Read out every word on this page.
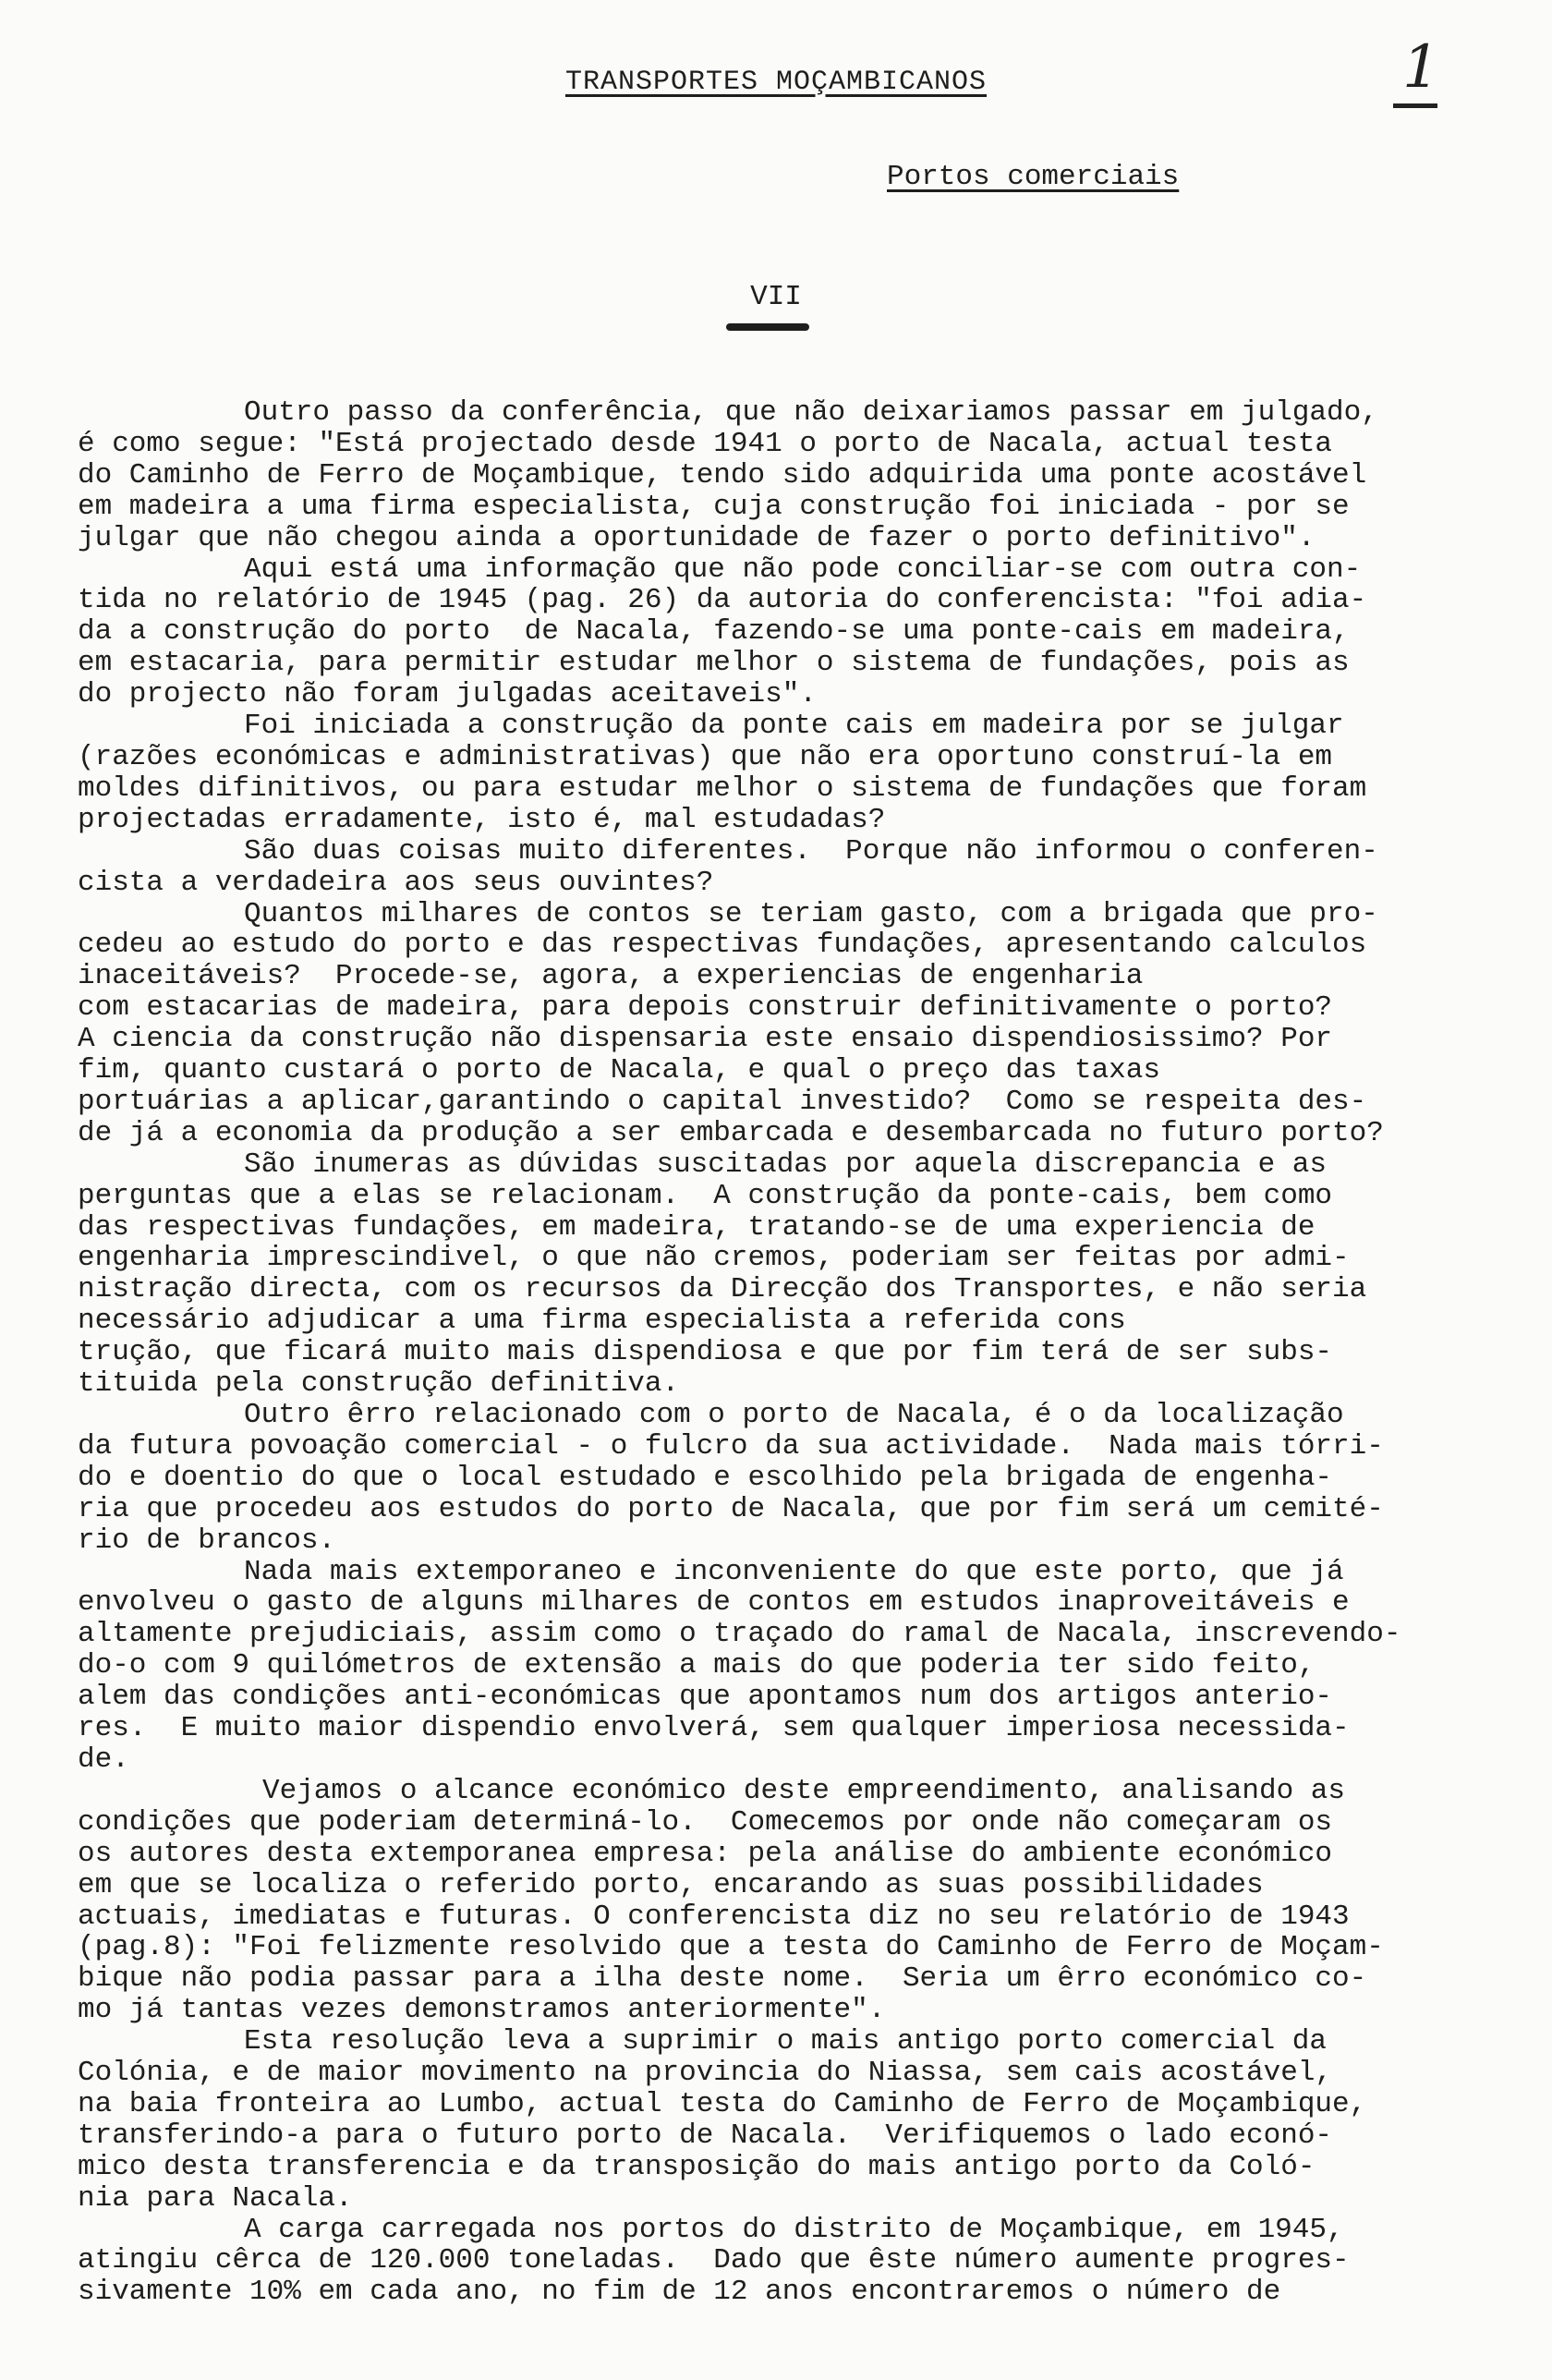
1
TRANSPORTES MOÇAMBICANOS
Portos comerciais
VII
Outro passo da conferência, que não deixariamos passar em julgado,
é como segue: "Está projectado desde 1941 o porto de Nacala, actual testa
do Caminho de Ferro de Moçambique, tendo sido adquirida uma ponte acostável
em madeira a uma firma especialista, cuja construção foi iniciada - por se
julgar que não chegou ainda a oportunidade de fazer o porto definitivo".
Aqui está uma informação que não pode conciliar-se com outra con-
tida no relatório de 1945 (pag. 26) da autoria do conferencista: "foi adia-
da a construção do porto  de Nacala, fazendo-se uma ponte-cais em madeira,
em estacaria, para permitir estudar melhor o sistema de fundações, pois as
do projecto não foram julgadas aceitaveis".
Foi iniciada a construção da ponte cais em madeira por se julgar
(razões económicas e administrativas) que não era oportuno construí-la em
moldes difinitivos, ou para estudar melhor o sistema de fundações que foram
projectadas erradamente, isto é, mal estudadas?
São duas coisas muito diferentes.  Porque não informou o conferen-
cista a verdadeira aos seus ouvintes?
Quantos milhares de contos se teriam gasto, com a brigada que pro-
cedeu ao estudo do porto e das respectivas fundações, apresentando calculos
inaceitáveis?  Procede-se, agora, a experiencias de engenharia
com estacarias de madeira, para depois construir definitivamente o porto?
A ciencia da construção não dispensaria este ensaio dispendiosissimo? Por
fim, quanto custará o porto de Nacala, e qual o preço das taxas
portuárias a aplicar,garantindo o capital investido?  Como se respeita des-
de já a economia da produção a ser embarcada e desembarcada no futuro porto?
São inumeras as dúvidas suscitadas por aquela discrepancia e as
perguntas que a elas se relacionam.  A construção da ponte-cais, bem como
das respectivas fundações, em madeira, tratando-se de uma experiencia de
engenharia imprescindivel, o que não cremos, poderiam ser feitas por admi-
nistração directa, com os recursos da Direcção dos Transportes, e não seria
necessário adjudicar a uma firma especialista a referida cons
trução, que ficará muito mais dispendiosa e que por fim terá de ser subs-
tituida pela construção definitiva.
Outro êrro relacionado com o porto de Nacala, é o da localização
da futura povoação comercial - o fulcro da sua actividade.  Nada mais tórri-
do e doentio do que o local estudado e escolhido pela brigada de engenha-
ria que procedeu aos estudos do porto de Nacala, que por fim será um cemité-
rio de brancos.
Nada mais extemporaneo e inconveniente do que este porto, que já
envolveu o gasto de alguns milhares de contos em estudos inaproveitáveis e
altamente prejudiciais, assim como o traçado do ramal de Nacala, inscrevendo-
do-o com 9 quilómetros de extensão a mais do que poderia ter sido feito,
alem das condições anti-económicas que apontamos num dos artigos anterio-
res.  E muito maior dispendio envolverá, sem qualquer imperiosa necessida-
de.
Vejamos o alcance económico deste empreendimento, analisando as
condições que poderiam determiná-lo.  Comecemos por onde não começaram os
os autores desta extemporanea empresa: pela análise do ambiente económico
em que se localiza o referido porto, encarando as suas possibilidades
actuais, imediatas e futuras. O conferencista diz no seu relatório de 1943
(pag.8): "Foi felizmente resolvido que a testa do Caminho de Ferro de Moçam-
bique não podia passar para a ilha deste nome.  Seria um êrro económico co-
mo já tantas vezes demonstramos anteriormente".
Esta resolução leva a suprimir o mais antigo porto comercial da
Colónia, e de maior movimento na provincia do Niassa, sem cais acostável,
na baia fronteira ao Lumbo, actual testa do Caminho de Ferro de Moçambique,
transferindo-a para o futuro porto de Nacala.  Verifiquemos o lado econó-
mico desta transferencia e da transposição do mais antigo porto da Coló-
nia para Nacala.
A carga carregada nos portos do distrito de Moçambique, em 1945,
atingiu cêrca de 120.000 toneladas.  Dado que êste número aumente progres-
sivamente 10% em cada ano, no fim de 12 anos encontraremos o número de
